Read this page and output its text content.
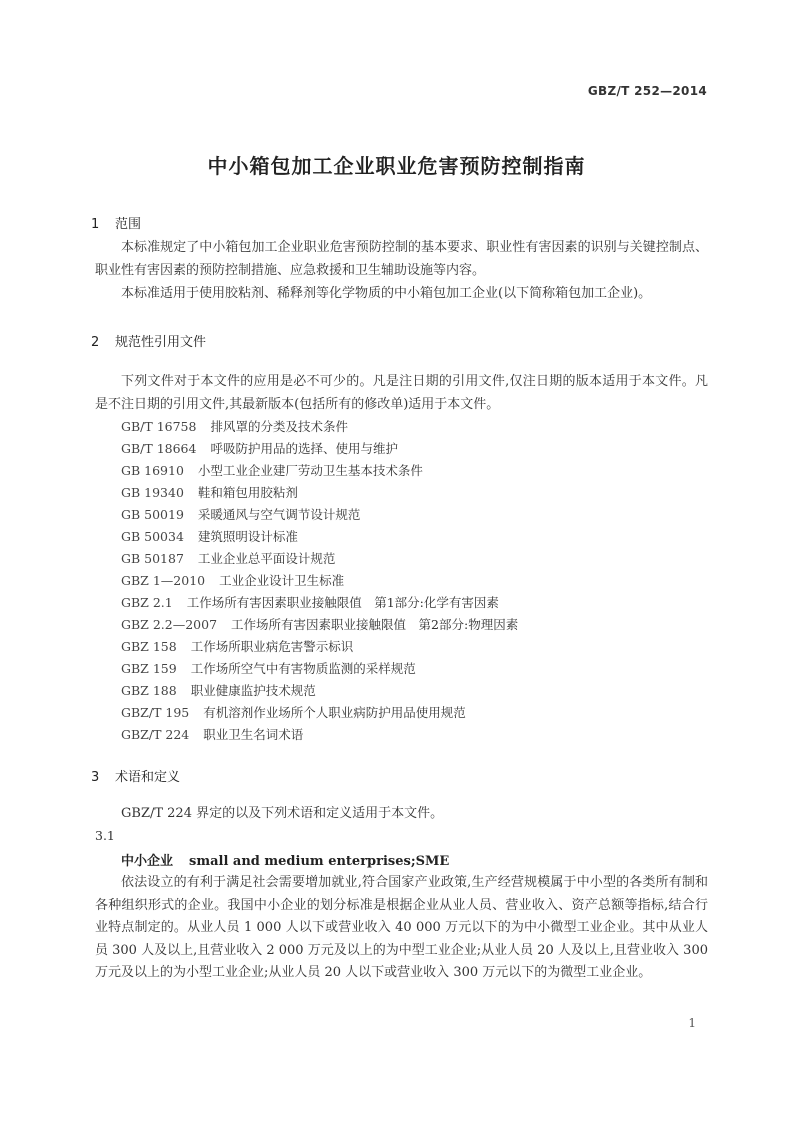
GBZ/T 252—2014
中小箱包加工企业职业危害预防控制指南
1 范围
本标准规定了中小箱包加工企业职业危害预防控制的基本要求、职业性有害因素的识别与关键控制点、职业性有害因素的预防控制措施、应急救援和卫生辅助设施等内容。
本标准适用于使用胶粘剂、稀释剂等化学物质的中小箱包加工企业(以下简称箱包加工企业)。
2 规范性引用文件
下列文件对于本文件的应用是必不可少的。凡是注日期的引用文件,仅注日期的版本适用于本文件。凡是不注日期的引用文件,其最新版本(包括所有的修改单)适用于本文件。
GB/T 16758 排风罩的分类及技术条件
GB/T 18664 呼吸防护用品的选择、使用与维护
GB 16910 小型工业企业建厂劳动卫生基本技术条件
GB 19340 鞋和箱包用胶粘剂
GB 50019 采暖通风与空气调节设计规范
GB 50034 建筑照明设计标准
GB 50187 工业企业总平面设计规范
GBZ 1—2010 工业企业设计卫生标准
GBZ 2.1 工作场所有害因素职业接触限值　第1部分:化学有害因素
GBZ 2.2—2007 工作场所有害因素职业接触限值　第2部分:物理因素
GBZ 158 工作场所职业病危害警示标识
GBZ 159 工作场所空气中有害物质监测的采样规范
GBZ 188 职业健康监护技术规范
GBZ/T 195 有机溶剂作业场所个人职业病防护用品使用规范
GBZ/T 224 职业卫生名词术语
3 术语和定义
GBZ/T 224 界定的以及下列术语和定义适用于本文件。
3.1
中小企业 small and medium enterprises;SME
依法设立的有利于满足社会需要增加就业,符合国家产业政策,生产经营规模属于中小型的各类所有制和各种组织形式的企业。我国中小企业的划分标准是根据企业从业人员、营业收入、资产总额等指标,结合行业特点制定的。从业人员 1 000 人以下或营业收入 40 000 万元以下的为中小微型工业企业。其中从业人员 300 人及以上,且营业收入 2 000 万元及以上的为中型工业企业;从业人员 20 人及以上,且营业收入 300 万元及以上的为小型工业企业;从业人员 20 人以下或营业收入 300 万元以下的为微型工业企业。
1
